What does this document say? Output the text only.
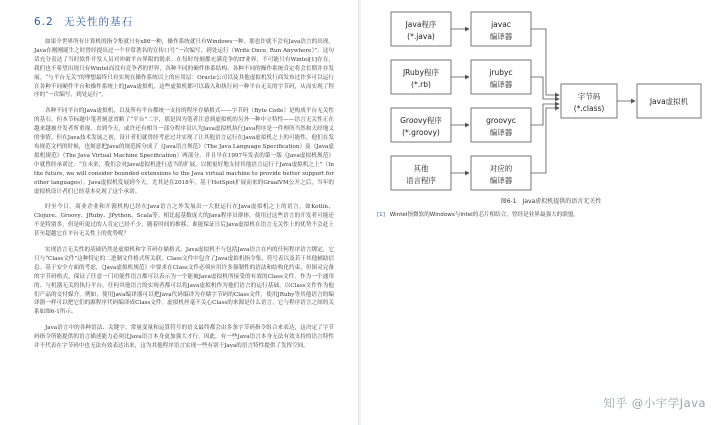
6.2 无关性的基石

如果全世界所有计算机的指令集就只有x86一种，操作系统就只有Windows一种，那也许就不会有Java语言的出现。Java在刚刚诞生之时曾经提出过一个非常著名的宣传口号“一次编写，到处运行（Write Once, Run Anywhere）”，这句话充分表达了当时软件开发人员对冲破平台界限的渴求。在每时每刻都充满竞争的IT业界，不可能只有Wintel[1]存在，我们也不希望出现只有Wintel而没有竞争者的世界，各种不同的硬件体系结构、各种不同的操作系统肯定将会长期并存发展。“与平台无关”的理想最终只有实现在操作系统以上的应用层：Oracle公司以及其他虚拟机发行商发布过许多可以运行在各种不同硬件平台和操作系统上的Java虚拟机，这些虚拟机都可以载入和执行同一种平台无关的字节码，从而实现了程序的“一次编写，到处运行”。

各种不同平台的Java虚拟机，以及所有平台都统一支持的程序存储格式——字节码（Byte Code）是构成平台无关性的基石，但本节标题中笔者刻意省略了“平台”二字，那是因为笔者注意到虚拟机的另外一种中立特性——语言无关性正在越来越被开发者所重视。直到今天，或许还有相当一部分程序员认为Java虚拟机执行Java程序是一件理所当然和天经地义的事情。但在Java技术发展之初，设计者们就曾经考虑过并实现了让其他语言运行在Java虚拟机之上的可能性，他们在发布规范文档的时候，也刻意把Java的规范拆分成了《Java语言规范》（The Java Language Specification）及《Java虚拟机规范》（The Java Virtual Machine Specification）两部分。并且早在1997年发表的第一版《Java虚拟机规范》中就曾经承诺过：“在未来，我们会对Java虚拟机进行适当的扩展，以便更好地支持其他语言运行于Java虚拟机之上”（In the future, we will consider bounded extensions to the Java virtual machine to provide better support for other languages）。Java虚拟机发展到今天，尤其是在2018年，基于HotSpot扩展而来的GraalVM公开之后，当年的虚拟机设计者们已经基本兑现了这个承诺。

时至今日，商业企业和开源机构已经在Java语言之外发展出一大批运行在Java虚拟机之上的语言，如Kotlin、Clojure、Groovy、JRuby、JPython、Scala等。相比起基数庞大的Java程序员群体，使用过这些语言的开发者可能还不是特别多，但是听说过的人肯定已经不少，随着时间的推移，谁能保证日后Java虚拟机在语言无关性上的优势不会赶上甚至超越它在平台无关性上的优势呢？

实现语言无关性的基础仍然是虚拟机和字节码存储格式。Java虚拟机不与包括Java语言在内的任何程序语言绑定，它只与“Class文件”这种特定的二进制文件格式所关联，Class文件中包含了Java虚拟机指令集、符号表以及若干其他辅助信息。基于安全方面的考虑，《Java虚拟机规范》中要求在Class文件必须应用许多强制性的语法和结构化约束，但图灵完备的字节码格式，保证了任意一门功能性语言都可以表示为一个能被Java虚拟机所接受的有效的Class文件。作为一个通用的、与机器无关的执行平台，任何其他语言的实现者都可以将Java虚拟机作为他们语言的运行基础，以Class文件作为他们产品的交付媒介。例如，使用Java编译器可以把Java代码编译为存储字节码的Class文件，使用JRuby等其他语言的编译器一样可以把它们的源程序代码编译成Class文件。虚拟机丝毫不关心Class的来源是什么语言，它与程序语言之间的关系如图6-1所示。

Java语言中的各种语法、关键字、常量变量和运算符号的语义最终都会由多条字节码指令组合来表达，这决定了字节码指令所能提供的语言描述能力必须比Java语言本身更加强大才行。因此，有一些Java语言本身无法有效支持的语言特性并不代表在字节码中也无法有效表达出来，这为其他程序语言实现一些有别于Java的语言特性提供了发挥空间。

Java程序
(*.java)
JRuby程序
(*.rb)
Groovy程序
(*.groovy)
其他
语言程序
javac
编译器
jrubyc
编译器
groovyc
编译器
对应的
编译器
字节码
(*.class)
Java虚拟机
图6-1　Java虚拟机提供的语言无关性
[1] Wintel指微软的Windows与Intel的芯片相结合，曾经是业界最强大的联盟。
知乎 @小宇学Java
